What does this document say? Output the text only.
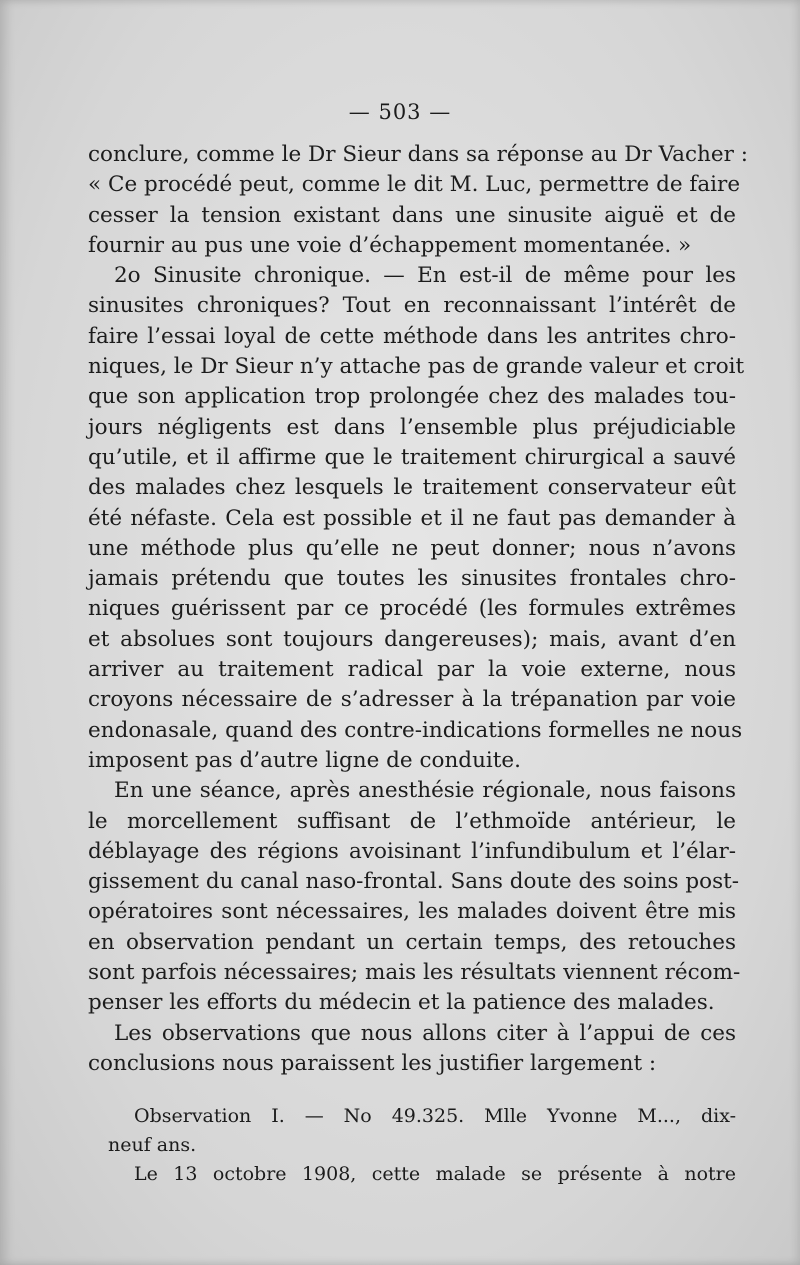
— 503 —
conclure, comme le Dr Sieur dans sa réponse au Dr Vacher :
« Ce procédé peut, comme le dit M. Luc, permettre de faire
cesser la tension existant dans une sinusite aiguë et de
fournir au pus une voie d’échappement momentanée. »
2o Sinusite chronique. — En est-il de même pour les
sinusites chroniques? Tout en reconnaissant l’intérêt de
faire l’essai loyal de cette méthode dans les antrites chro-
niques, le Dr Sieur n’y attache pas de grande valeur et croit
que son application trop prolongée chez des malades tou-
jours négligents est dans l’ensemble plus préjudiciable
qu’utile, et il affirme que le traitement chirurgical a sauvé
des malades chez lesquels le traitement conservateur eût
été néfaste. Cela est possible et il ne faut pas demander à
une méthode plus qu’elle ne peut donner; nous n’avons
jamais prétendu que toutes les sinusites frontales chro-
niques guérissent par ce procédé (les formules extrêmes
et absolues sont toujours dangereuses); mais, avant d’en
arriver au traitement radical par la voie externe, nous
croyons nécessaire de s’adresser à la trépanation par voie
endonasale, quand des contre-indications formelles ne nous
imposent pas d’autre ligne de conduite.
En une séance, après anesthésie régionale, nous faisons
le morcellement suffisant de l’ethmoïde antérieur, le
déblayage des régions avoisinant l’infundibulum et l’élar-
gissement du canal naso-frontal. Sans doute des soins post-
opératoires sont nécessaires, les malades doivent être mis
en observation pendant un certain temps, des retouches
sont parfois nécessaires; mais les résultats viennent récom-
penser les efforts du médecin et la patience des malades.
Les observations que nous allons citer à l’appui de ces
conclusions nous paraissent les justifier largement :
Observation I. — No 49.325. Mlle Yvonne M..., dix-
neuf ans.
Le 13 octobre 1908, cette malade se présente à notre
